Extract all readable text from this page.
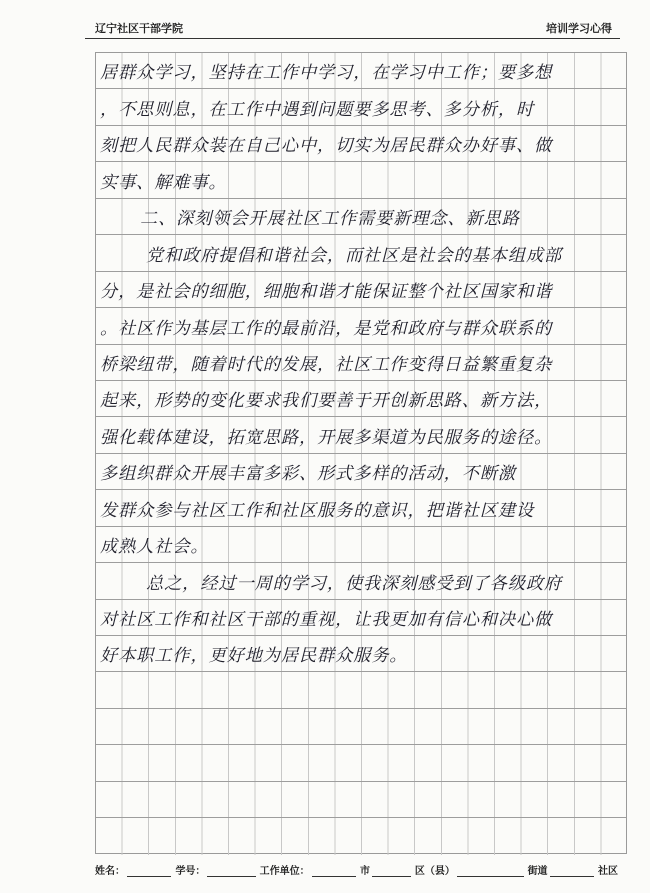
辽宁社区干部学院	培训学习心得
居群众学习，坚持在工作中学习，在学习中工作；要多想
，不思则息，在工作中遇到问题要多思考、多分析，时
刻把人民群众装在自己心中，切实为居民群众办好事、做
实事、解难事。
二、深刻领会开展社区工作需要新理念、新思路
党和政府提倡和谐社会，而社区是社会的基本组成部
分，是社会的细胞，细胞和谐才能保证整个社区国家和谐
。社区作为基层工作的最前沿，是党和政府与群众联系的
桥梁纽带，随着时代的发展，社区工作变得日益繁重复杂
起来，形势的变化要求我们要善于开创新思路、新方法，
强化载体建设，拓宽思路，开展多渠道为民服务的途径。
多组织群众开展丰富多彩、形式多样的活动，不断激
发群众参与社区工作和社区服务的意识，把谐社区建设
成熟人社会。
总之，经过一周的学习，使我深刻感受到了各级政府
对社区工作和社区干部的重视，让我更加有信心和决心做
好本职工作，更好地为居民群众服务。
姓名：	学号：	工作单位：	市	区（县）	街道	社区
